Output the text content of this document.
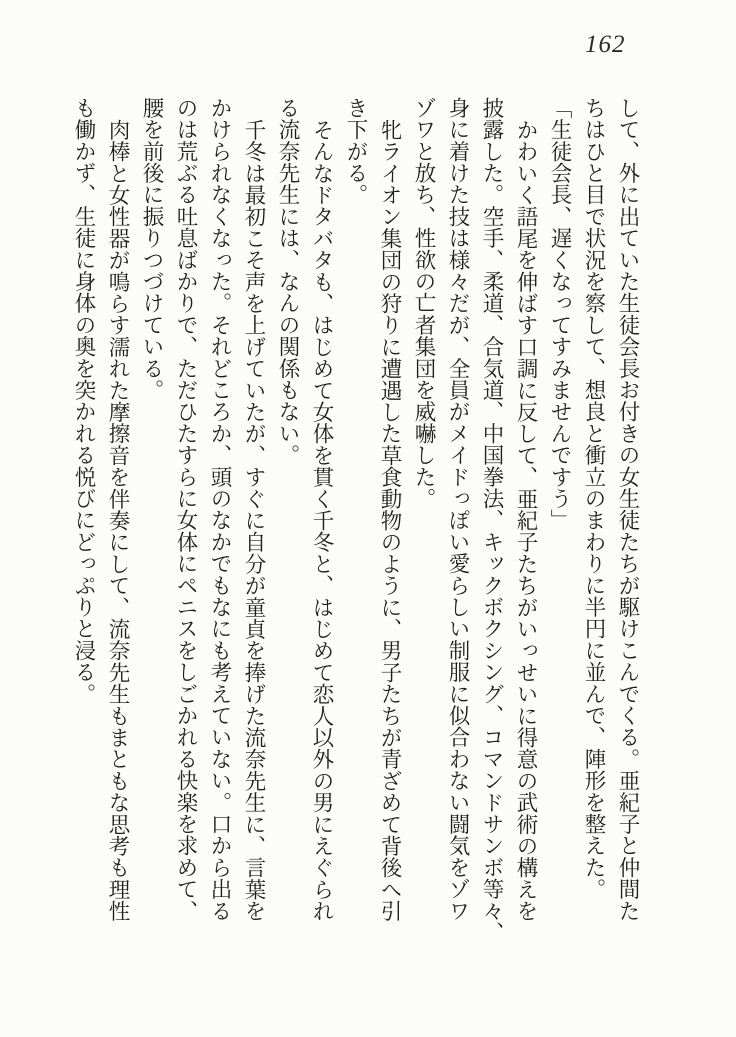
162
して、外に出ていた生徒会長お付きの女生徒たちが駆けこんでくる。亜紀子と仲間た
ちはひと目で状況を察して、想良と衝立のまわりに半円に並んで、陣形を整えた。
「生徒会長、遅くなってすみませんですう」
かわいく語尾を伸ばす口調に反して、亜紀子たちがいっせいに得意の武術の構えを
披露した。空手、柔道、合気道、中国拳法、キックボクシング、コマンドサンボ等々、
身に着けた技は様々だが、全員がメイドっぽい愛らしい制服に似合わない闘気をゾワ
ゾワと放ち、性欲の亡者集団を威嚇した。
牝ライオン集団の狩りに遭遇した草食動物のように、男子たちが青ざめて背後へ引
き下がる。
そんなドタバタも、はじめて女体を貫く千冬と、はじめて恋人以外の男にえぐられ
る流奈先生には、なんの関係もない。
千冬は最初こそ声を上げていたが、すぐに自分が童貞を捧げた流奈先生に、言葉を
かけられなくなった。それどころか、頭のなかでもなにも考えていない。口から出る
のは荒ぶる吐息ばかりで、ただひたすらに女体にペニスをしごかれる快楽を求めて、
腰を前後に振りつづけている。
肉棒と女性器が鳴らす濡れた摩擦音を伴奏にして、流奈先生もまともな思考も理性
も働かず、生徒に身体の奥を突かれる悦びにどっぷりと浸る。
